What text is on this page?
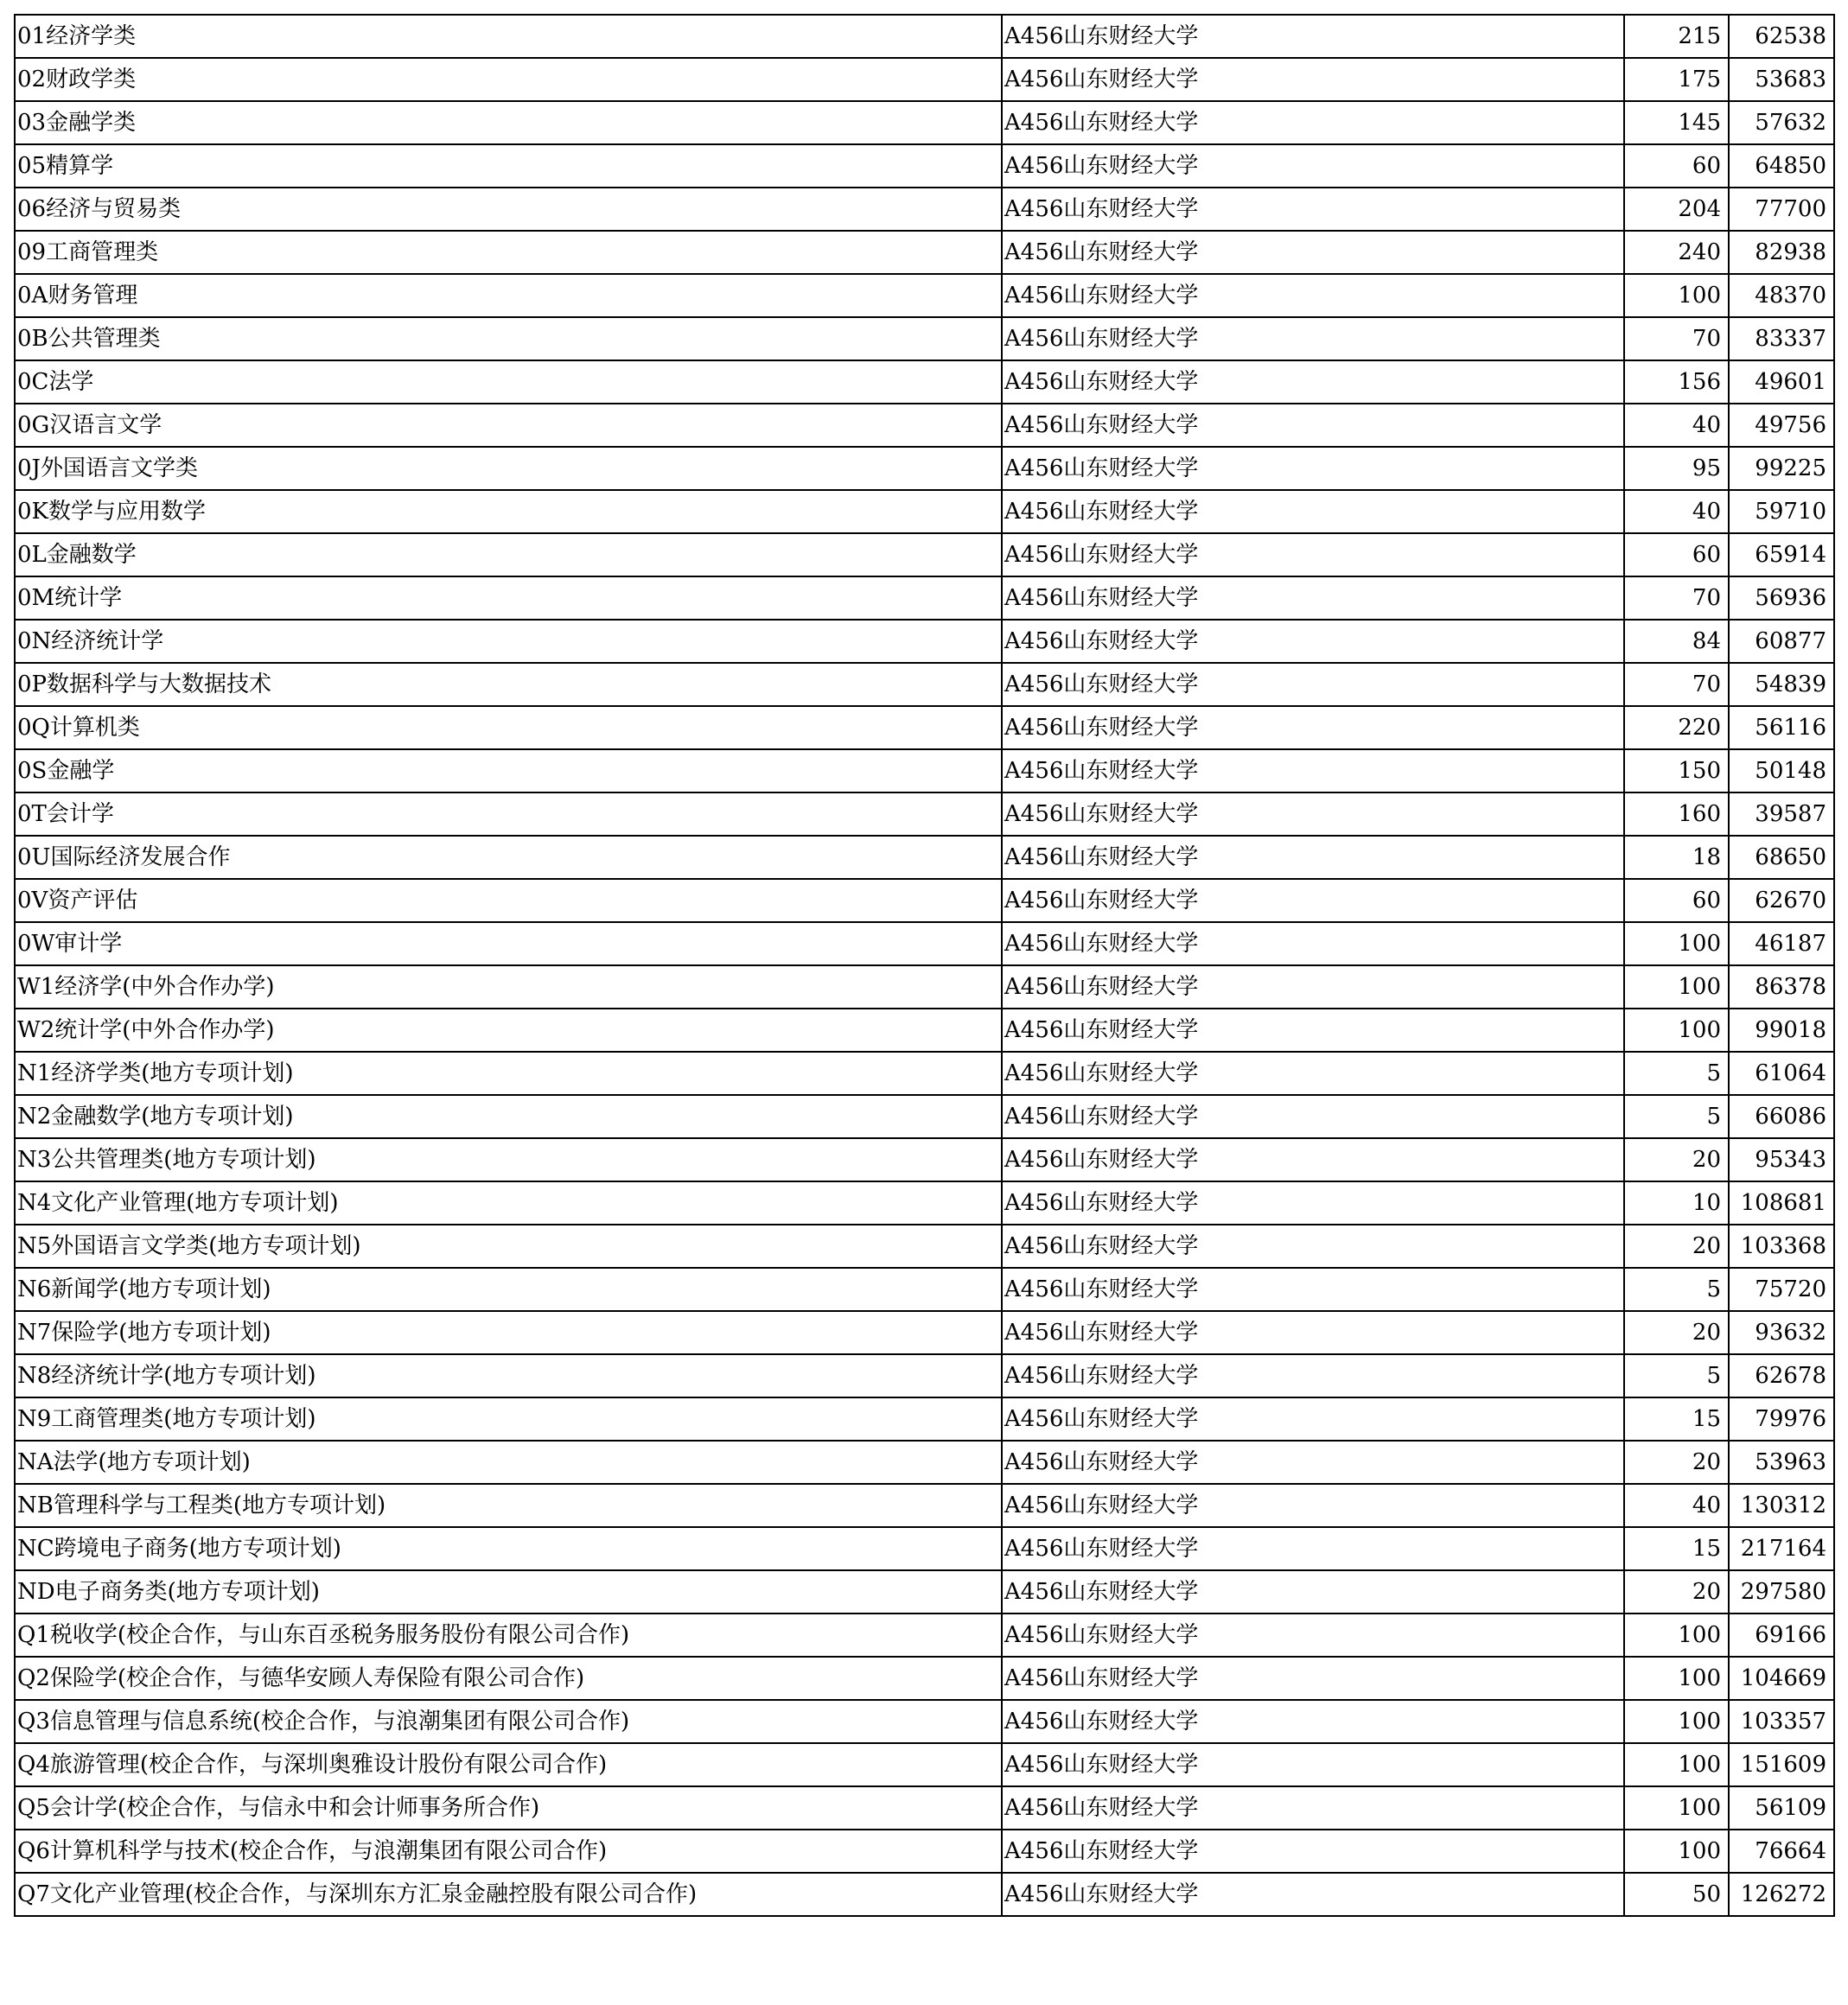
01经济学类	A456山东财经大学	215	62538
02财政学类	A456山东财经大学	175	53683
03金融学类	A456山东财经大学	145	57632
05精算学	A456山东财经大学	60	64850
06经济与贸易类	A456山东财经大学	204	77700
09工商管理类	A456山东财经大学	240	82938
0A财务管理	A456山东财经大学	100	48370
0B公共管理类	A456山东财经大学	70	83337
0C法学	A456山东财经大学	156	49601
0G汉语言文学	A456山东财经大学	40	49756
0J外国语言文学类	A456山东财经大学	95	99225
0K数学与应用数学	A456山东财经大学	40	59710
0L金融数学	A456山东财经大学	60	65914
0M统计学	A456山东财经大学	70	56936
0N经济统计学	A456山东财经大学	84	60877
0P数据科学与大数据技术	A456山东财经大学	70	54839
0Q计算机类	A456山东财经大学	220	56116
0S金融学	A456山东财经大学	150	50148
0T会计学	A456山东财经大学	160	39587
0U国际经济发展合作	A456山东财经大学	18	68650
0V资产评估	A456山东财经大学	60	62670
0W审计学	A456山东财经大学	100	46187
W1经济学(中外合作办学)	A456山东财经大学	100	86378
W2统计学(中外合作办学)	A456山东财经大学	100	99018
N1经济学类(地方专项计划)	A456山东财经大学	5	61064
N2金融数学(地方专项计划)	A456山东财经大学	5	66086
N3公共管理类(地方专项计划)	A456山东财经大学	20	95343
N4文化产业管理(地方专项计划)	A456山东财经大学	10	108681
N5外国语言文学类(地方专项计划)	A456山东财经大学	20	103368
N6新闻学(地方专项计划)	A456山东财经大学	5	75720
N7保险学(地方专项计划)	A456山东财经大学	20	93632
N8经济统计学(地方专项计划)	A456山东财经大学	5	62678
N9工商管理类(地方专项计划)	A456山东财经大学	15	79976
NA法学(地方专项计划)	A456山东财经大学	20	53963
NB管理科学与工程类(地方专项计划)	A456山东财经大学	40	130312
NC跨境电子商务(地方专项计划)	A456山东财经大学	15	217164
ND电子商务类(地方专项计划)	A456山东财经大学	20	297580
Q1税收学(校企合作，与山东百丞税务服务股份有限公司合作)	A456山东财经大学	100	69166
Q2保险学(校企合作，与德华安顾人寿保险有限公司合作)	A456山东财经大学	100	104669
Q3信息管理与信息系统(校企合作，与浪潮集团有限公司合作)	A456山东财经大学	100	103357
Q4旅游管理(校企合作，与深圳奥雅设计股份有限公司合作)	A456山东财经大学	100	151609
Q5会计学(校企合作，与信永中和会计师事务所合作)	A456山东财经大学	100	56109
Q6计算机科学与技术(校企合作，与浪潮集团有限公司合作)	A456山东财经大学	100	76664
Q7文化产业管理(校企合作，与深圳东方汇泉金融控股有限公司合作)	A456山东财经大学	50	126272
